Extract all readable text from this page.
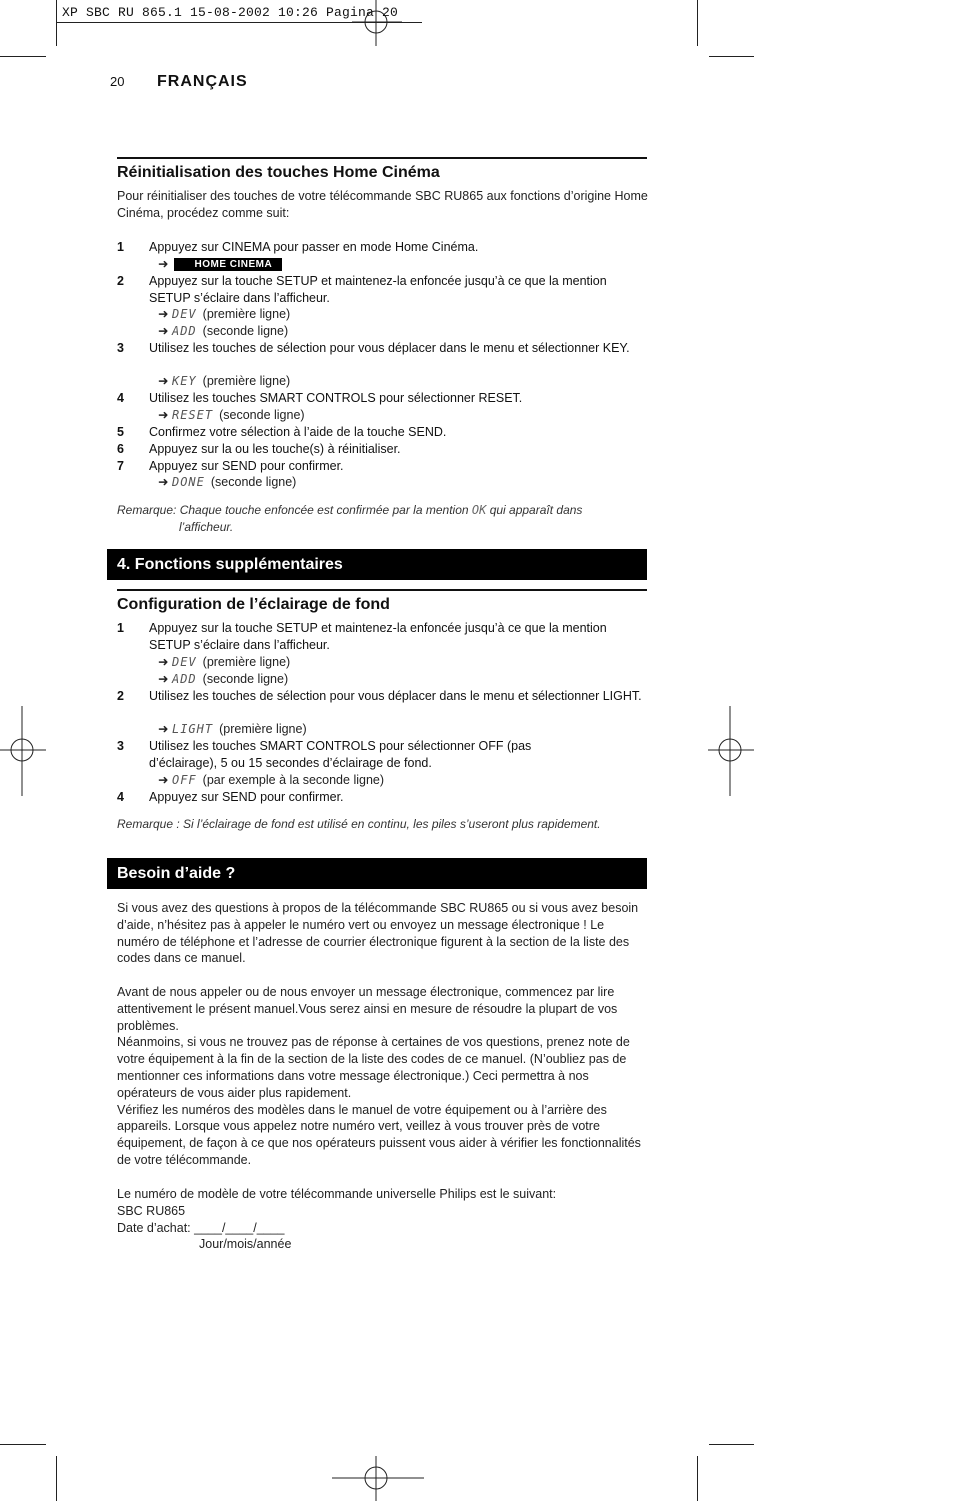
XP SBC RU 865.1 15-08-2002 10:26 Pagina 20
20 FRANÇAIS
Réinitialisation des touches Home Cinéma
Pour réinitialiser des touches de votre télécommande SBC RU865 aux fonctions d’origine Home Cinéma, procédez comme suit:
1 Appuyez sur CINEMA pour passer en mode Home Cinéma.
➜	HOME CINEMA
2 Appuyez sur la touche SETUP et maintenez-la enfoncée jusqu’à ce que la mention SETUP s’éclaire dans l’afficheur.
➜ DEV (première ligne)
➜ ADD (seconde ligne)
3 Utilisez les touches de sélection pour vous déplacer dans le menu et sélectionner KEY.
➜ KEY (première ligne)
4 Utilisez les touches SMART CONTROLS pour sélectionner RESET.
➜ RESET (seconde ligne)
5 Confirmez votre sélection à l’aide de la touche SEND.
6 Appuyez sur la ou les touche(s) à réinitialiser.
7 Appuyez sur SEND pour confirmer.
➜ DONE (seconde ligne)
Remarque: Chaque touche enfoncée est confirmée par la mention OK qui apparaît dans
l’afficheur.
4. Fonctions supplémentaires
Configuration de l’éclairage de fond
1 Appuyez sur la touche SETUP et maintenez-la enfoncée jusqu’à ce que la mention SETUP s’éclaire dans l’afficheur.
➜ DEV (première ligne)
➜ ADD (seconde ligne)
2 Utilisez les touches de sélection pour vous déplacer dans le menu et sélectionner LIGHT.
➜ LIGHT (première ligne)
3 Utilisez les touches SMART CONTROLS pour sélectionner OFF (pas d’éclairage), 5 ou 15 secondes d’éclairage de fond.
➜ OFF (par exemple à la seconde ligne)
4 Appuyez sur SEND pour confirmer.
Remarque : Si l’éclairage de fond est utilisé en continu, les piles s’useront plus rapidement.
Besoin d’aide ?
Si vous avez des questions à propos de la télécommande SBC RU865 ou si vous avez besoin d’aide, n’hésitez pas à appeler le numéro vert ou envoyez un message électronique ! Le numéro de téléphone et l’adresse de courrier électronique figurent à la section de la liste des codes dans ce manuel.

Avant de nous appeler ou de nous envoyer un message électronique, commencez par lire attentivement le présent manuel.Vous serez ainsi en mesure de résoudre la plupart de vos problèmes.

Néanmoins, si vous ne trouvez pas de réponse à certaines de vos questions, prenez note de votre équipement à la fin de la section de la liste des codes de ce manuel. (N’oubliez pas de mentionner ces informations dans votre message électronique.) Ceci permettra à nos opérateurs de vous aider plus rapidement.

Vérifiez les numéros des modèles dans le manuel de votre équipement ou à l’arrière des appareils. Lorsque vous appelez notre numéro vert, veillez à vous trouver près de votre équipement, de façon à ce que nos opérateurs puissent vous aider à vérifier les fonctionnalités de votre télécommande.

Le numéro de modèle de votre télécommande universelle Philips est le suivant:

SBC RU865

Date d’achat: ____/____/____

Jour/mois/année
